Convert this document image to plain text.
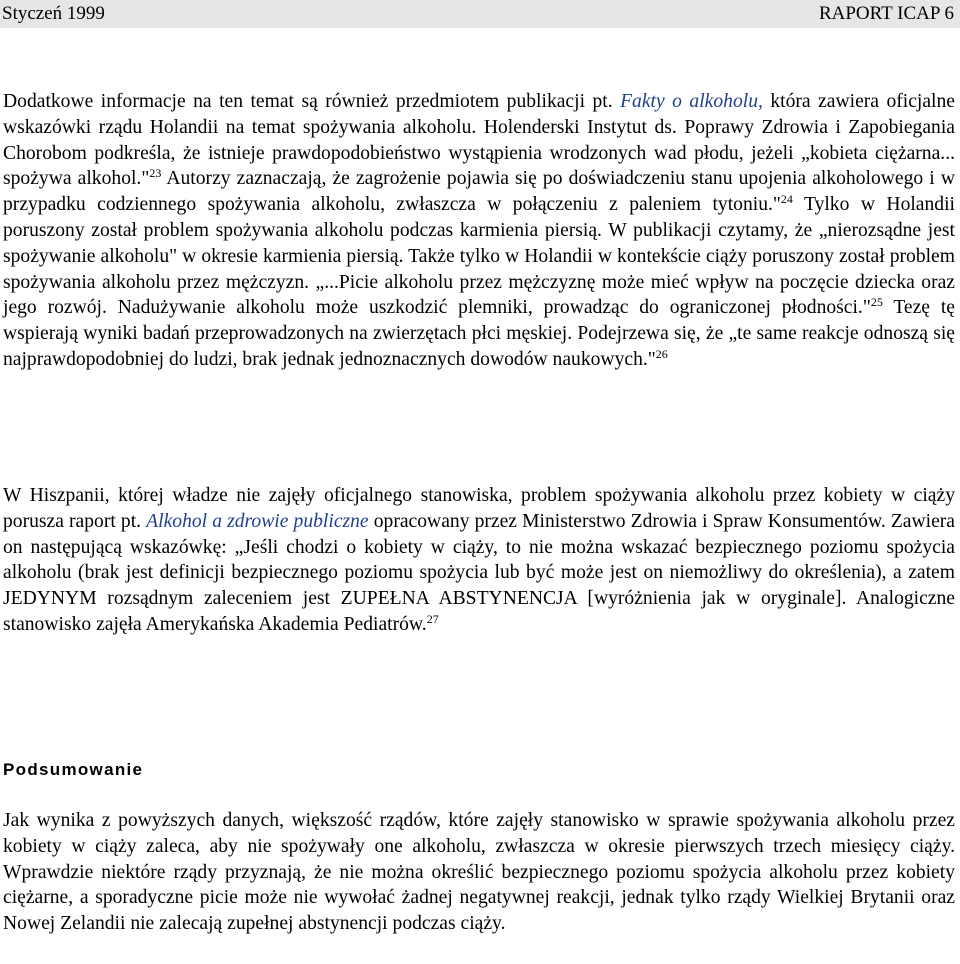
Styczeń 1999	RAPORT ICAP 6

Dodatkowe informacje na ten temat są również przedmiotem publikacji pt. Fakty o alkoholu, która zawiera oficjalne wskazówki rządu Holandii na temat spożywania alkoholu. Holenderski Instytut ds. Poprawy Zdrowia i Zapobiegania Chorobom podkreśla, że istnieje prawdopodobieństwo wystąpienia wrodzonych wad płodu, jeżeli „kobieta ciężarna... spożywa alkohol."$^{23}$ Autorzy zaznaczają, że zagrożenie pojawia się po doświadczeniu stanu upojenia alkoholowego i w przypadku codziennego spożywania alkoholu, zwłaszcza w połączeniu z paleniem tytoniu."$^{24}$ Tylko w Holandii poruszony został problem spożywania alkoholu podczas karmienia piersią. W publikacji czytamy, że „nierozsądne jest spożywanie alkoholu" w okresie karmienia piersią. Także tylko w Holandii w kontekście ciąży poruszony został problem spożywania alkoholu przez mężczyzn. „...Picie alkoholu przez mężczyznę może mieć wpływ na poczęcie dziecka oraz jego rozwój. Nadużywanie alkoholu może uszkodzić plemniki, prowadząc do ograniczonej płodności."$^{25}$ Tezę tę wspierają wyniki badań przeprowadzonych na zwierzętach płci męskiej. Podejrzewa się, że „te same reakcje odnoszą się najprawdopodobniej do ludzi, brak jednak jednoznacznych dowodów naukowych."$^{26}$

W Hiszpanii, której władze nie zajęły oficjalnego stanowiska, problem spożywania alkoholu przez kobiety w ciąży porusza raport pt. Alkohol a zdrowie publiczne opracowany przez Ministerstwo Zdrowia i Spraw Konsumentów. Zawiera on następującą wskazówkę: „Jeśli chodzi o kobiety w ciąży, to nie można wskazać bezpiecznego poziomu spożycia alkoholu (brak jest definicji bezpiecznego poziomu spożycia lub być może jest on niemożliwy do określenia), a zatem JEDYNYM rozsądnym zaleceniem jest ZUPEŁNA ABSTYNENCJA [wyróżnienia jak w oryginale]. Analogiczne stanowisko zajęła Amerykańska Akademia Pediatrów.$^{27}$

Podsumowanie

Jak wynika z powyższych danych, większość rządów, które zajęły stanowisko w sprawie spożywania alkoholu przez kobiety w ciąży zaleca, aby nie spożywały one alkoholu, zwłaszcza w okresie pierwszych trzech miesięcy ciąży. Wprawdzie niektóre rządy przyznają, że nie można określić bezpiecznego poziomu spożycia alkoholu przez kobiety ciężarne, a sporadyczne picie może nie wywołać żadnej negatywnej reakcji, jednak tylko rządy Wielkiej Brytanii oraz Nowej Zelandii nie zalecają zupełnej abstynencji podczas ciąży.
